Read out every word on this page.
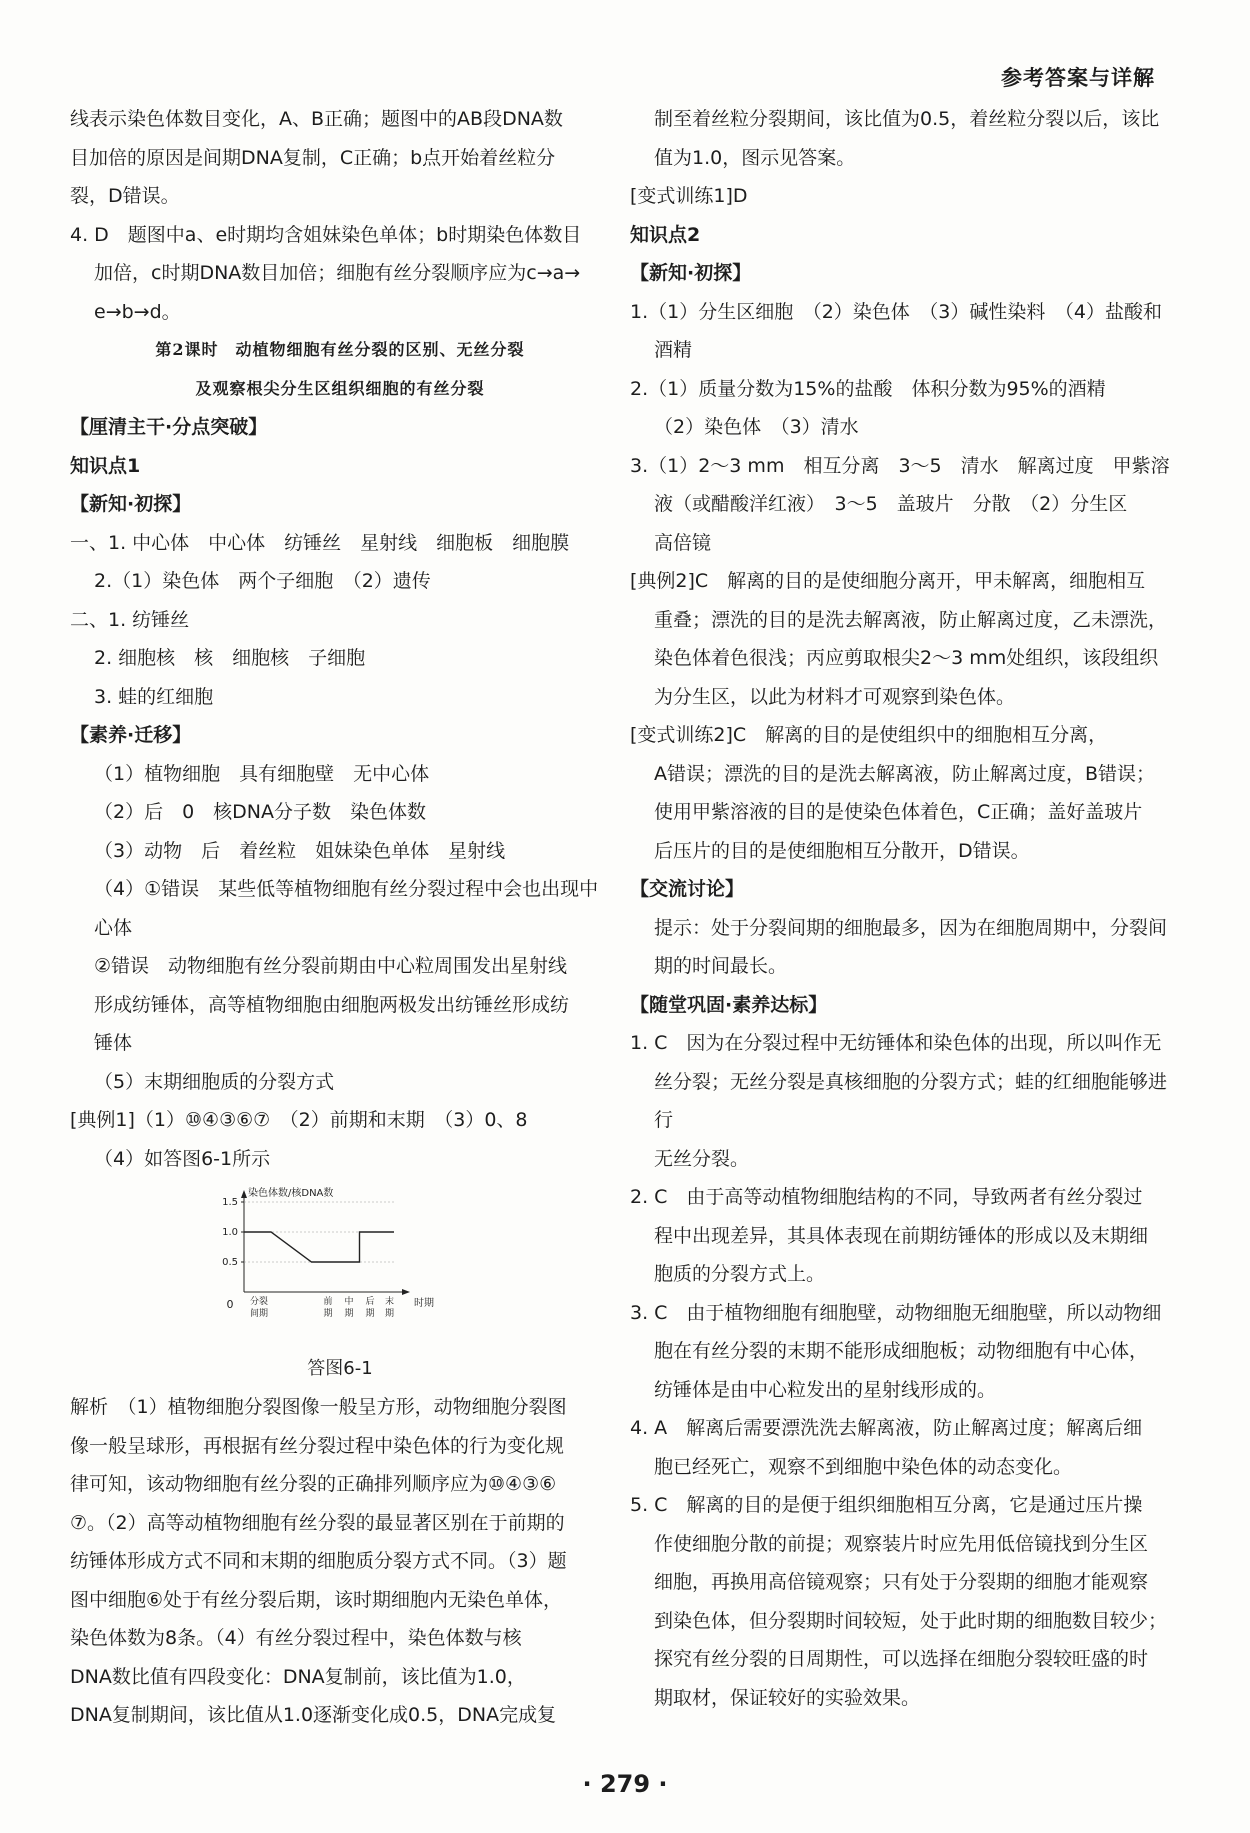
参考答案与详解

线表示染色体数目变化，A、B正确；题图中的AB段DNA数

目加倍的原因是间期DNA复制，C正确；b点开始着丝粒分

裂，D错误。

4. D　题图中a、e时期均含姐妹染色单体；b时期染色体数目

加倍，c时期DNA数目加倍；细胞有丝分裂顺序应为c→a→

e→b→d。

第2课时　动植物细胞有丝分裂的区别、无丝分裂

及观察根尖分生区组织细胞的有丝分裂

【厘清主干·分点突破】

知识点1

【新知·初探】

一、1. 中心体　中心体　纺锤丝　星射线　细胞板　细胞膜

2.（1）染色体　两个子细胞　（2）遗传

二、1. 纺锤丝

2. 细胞核　核　细胞核　子细胞

3. 蛙的红细胞

【素养·迁移】

（1）植物细胞　具有细胞壁　无中心体

（2）后　0　核DNA分子数　染色体数

（3）动物　后　着丝粒　姐妹染色单体　星射线

（4）①错误　某些低等植物细胞有丝分裂过程中会也出现中

心体

②错误　动物细胞有丝分裂前期由中心粒周围发出星射线

形成纺锤体，高等植物细胞由细胞两极发出纺锤丝形成纺

锤体

（5）末期细胞质的分裂方式

[典例1]（1）⑩④③⑥⑦　（2）前期和末期　（3）0、8

（4）如答图6-1所示

染色体数/核DNA数
时期
0
0.5
1.0
1.5
分裂
间期
前
期
中
期
后
期
末
期

答图6-1

解析　（1）植物细胞分裂图像一般呈方形，动物细胞分裂图

像一般呈球形，再根据有丝分裂过程中染色体的行为变化规

律可知，该动物细胞有丝分裂的正确排列顺序应为⑩④③⑥

⑦。（2）高等动植物细胞有丝分裂的最显著区别在于前期的

纺锤体形成方式不同和末期的细胞质分裂方式不同。（3）题

图中细胞⑥处于有丝分裂后期，该时期细胞内无染色单体，

染色体数为8条。（4）有丝分裂过程中，染色体数与核

DNA数比值有四段变化：DNA复制前，该比值为1.0，

DNA复制期间，该比值从1.0逐渐变化成0.5，DNA完成复

制至着丝粒分裂期间，该比值为0.5，着丝粒分裂以后，该比

值为1.0，图示见答案。

[变式训练1]D

知识点2

【新知·初探】

1.（1）分生区细胞　（2）染色体　（3）碱性染料　（4）盐酸和

酒精

2.（1）质量分数为15%的盐酸　体积分数为95%的酒精

（2）染色体　（3）清水

3.（1）2～3 mm　相互分离　3～5　清水　解离过度　甲紫溶

液（或醋酸洋红液）　3～5　盖玻片　分散　（2）分生区

高倍镜

[典例2]C　解离的目的是使细胞分离开，甲未解离，细胞相互

重叠；漂洗的目的是洗去解离液，防止解离过度，乙未漂洗，

染色体着色很浅；丙应剪取根尖2～3 mm处组织，该段组织

为分生区，以此为材料才可观察到染色体。

[变式训练2]C　解离的目的是使组织中的细胞相互分离，

A错误；漂洗的目的是洗去解离液，防止解离过度，B错误；

使用甲紫溶液的目的是使染色体着色，C正确；盖好盖玻片

后压片的目的是使细胞相互分散开，D错误。

【交流讨论】

提示：处于分裂间期的细胞最多，因为在细胞周期中，分裂间

期的时间最长。

【随堂巩固·素养达标】

1. C　因为在分裂过程中无纺锤体和染色体的出现，所以叫作无

丝分裂；无丝分裂是真核细胞的分裂方式；蛙的红细胞能够进行

无丝分裂。

2. C　由于高等动植物细胞结构的不同，导致两者有丝分裂过

程中出现差异，其具体表现在前期纺锤体的形成以及末期细

胞质的分裂方式上。

3. C　由于植物细胞有细胞壁，动物细胞无细胞壁，所以动物细

胞在有丝分裂的末期不能形成细胞板；动物细胞有中心体，

纺锤体是由中心粒发出的星射线形成的。

4. A　解离后需要漂洗洗去解离液，防止解离过度；解离后细

胞已经死亡，观察不到细胞中染色体的动态变化。

5. C　解离的目的是便于组织细胞相互分离，它是通过压片操

作使细胞分散的前提；观察装片时应先用低倍镜找到分生区

细胞，再换用高倍镜观察；只有处于分裂期的细胞才能观察

到染色体，但分裂期时间较短，处于此时期的细胞数目较少；

探究有丝分裂的日周期性，可以选择在细胞分裂较旺盛的时

期取材，保证较好的实验效果。

· 279 ·
